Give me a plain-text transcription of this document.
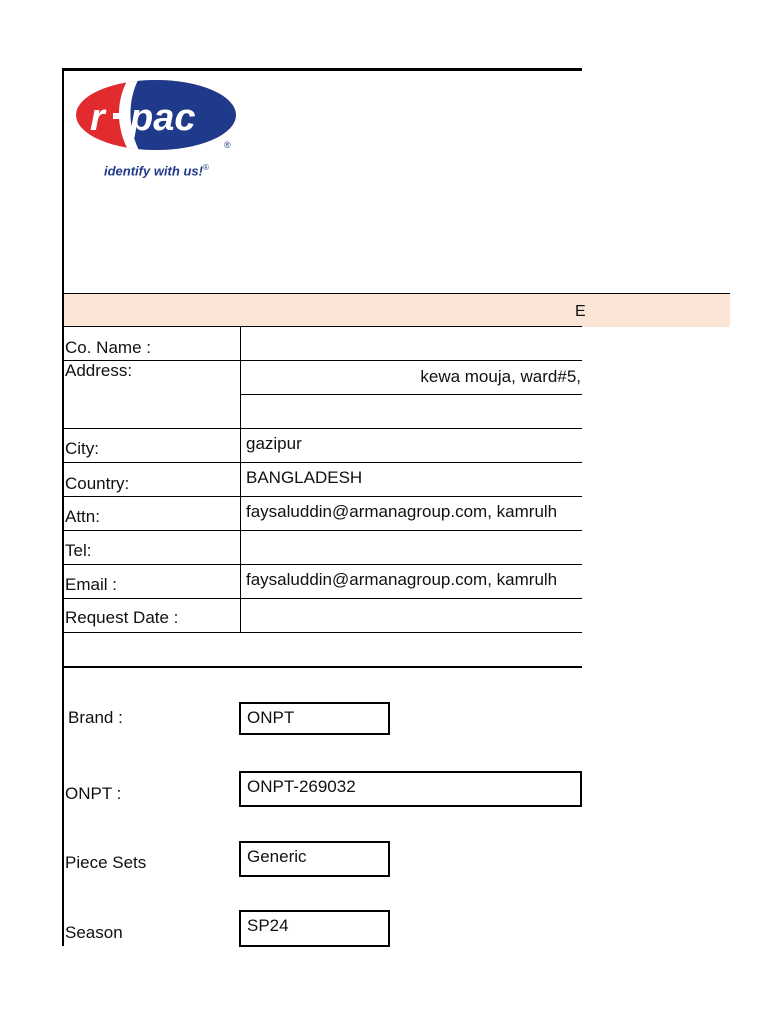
r pac
®
identify with us!®
E
Co. Name :
Address:	kewa mouja, ward#5,
City:	gazipur
Country:	BANGLADESH
Attn:	faysaluddin@armanagroup.com, kamrulh
Tel:
Email :	faysaluddin@armanagroup.com, kamrulh
Request Date :
Brand :	ONPT
ONPT :	ONPT-269032
Piece Sets	Generic
Season	SP24
